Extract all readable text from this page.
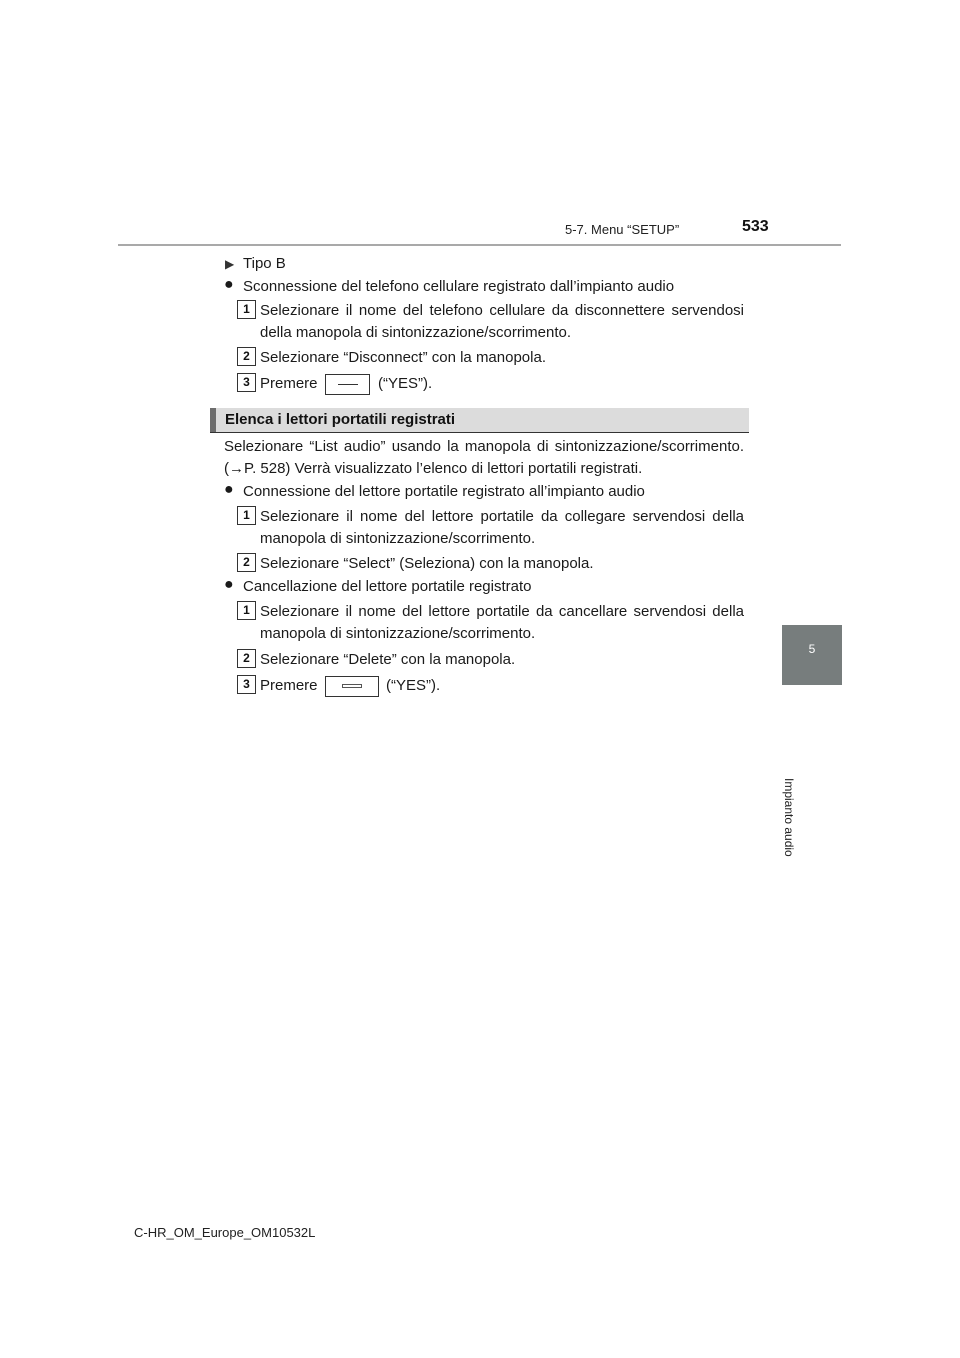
5-7. Menu “SETUP”	533
5
Impianto audio
▶ Tipo B
● Sconnessione del telefono cellulare registrato dall’impianto audio
1 Selezionare il nome del telefono cellulare da disconnettere servendosi
della manopola di sintonizzazione/scorrimento.
2 Selezionare “Disconnect” con la manopola.
3 Premere	(“YES”).
Elenca i lettori portatili registrati
Selezionare “List audio” usando la manopola di sintonizzazione/scorrimento.
(→P. 528) Verrà visualizzato l’elenco di lettori portatili registrati.
● Connessione del lettore portatile registrato all’impianto audio
1 Selezionare il nome del lettore portatile da collegare servendosi della
manopola di sintonizzazione/scorrimento.
2 Selezionare “Select” (Seleziona) con la manopola.
● Cancellazione del lettore portatile registrato
1 Selezionare il nome del lettore portatile da cancellare servendosi della
manopola di sintonizzazione/scorrimento.
2 Selezionare “Delete” con la manopola.
3 Premere	(“YES”).
C-HR_OM_Europe_OM10532L
